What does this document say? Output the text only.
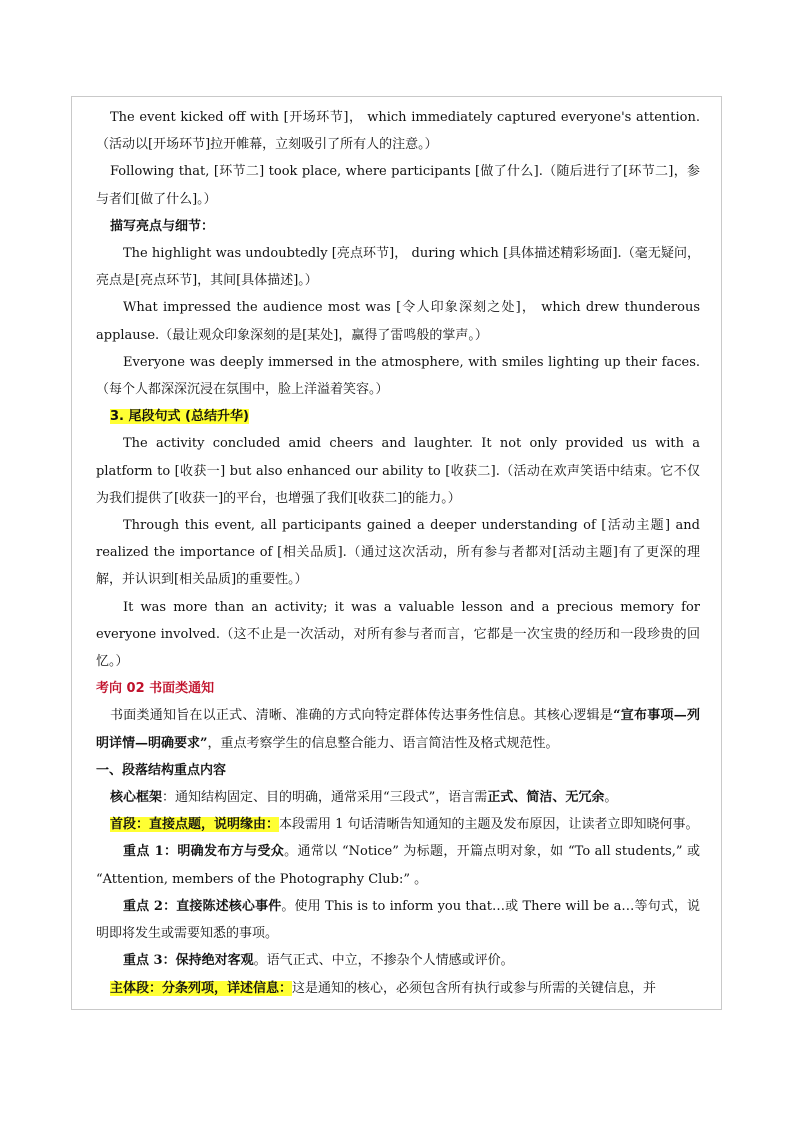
The event kicked off with [开场环节]， which immediately captured everyone's attention.（活动以[开场环节]拉开帷幕，立刻吸引了所有人的注意。）

Following that, [环节二] took place, where participants [做了什么].（随后进行了[环节二]，参与者们[做了什么]。）

描写亮点与细节：

The highlight was undoubtedly [亮点环节]， during which [具体描述精彩场面].（毫无疑问，亮点是[亮点环节]，其间[具体描述]。）

What impressed the audience most was [令人印象深刻之处]， which drew thunderous applause.（最让观众印象深刻的是[某处]，赢得了雷鸣般的掌声。）

Everyone was deeply immersed in the atmosphere, with smiles lighting up their faces.（每个人都深深沉浸在氛围中，脸上洋溢着笑容。）

3. 尾段句式 (总结升华)

The activity concluded amid cheers and laughter. It not only provided us with a platform to [收获一] but also enhanced our ability to [收获二].（活动在欢声笑语中结束。它不仅为我们提供了[收获一]的平台，也增强了我们[收获二]的能力。）

Through this event, all participants gained a deeper understanding of [活动主题] and realized the importance of [相关品质].（通过这次活动，所有参与者都对[活动主题]有了更深的理解，并认识到[相关品质]的重要性。）

It was more than an activity; it was a valuable lesson and a precious memory for everyone involved.（这不止是一次活动，对所有参与者而言，它都是一次宝贵的经历和一段珍贵的回忆。）

考向 02 书面类通知

书面类通知旨在以正式、清晰、准确的方式向特定群体传达事务性信息。其核心逻辑是“宣布事项—列明详情—明确要求”，重点考察学生的信息整合能力、语言简洁性及格式规范性。

一、段落结构重点内容

核心框架：通知结构固定、目的明确，通常采用“三段式”，语言需正式、简洁、无冗余。

首段：直接点题，说明缘由：本段需用 1 句话清晰告知通知的主题及发布原因，让读者立即知晓何事。

重点 1：明确发布方与受众。通常以 “Notice” 为标题，开篇点明对象，如 “To all students,” 或 “Attention, members of the Photography Club:” 。

重点 2：直接陈述核心事件。使用 This is to inform you that…或 There will be a…等句式，说明即将发生或需要知悉的事项。

重点 3：保持绝对客观。语气正式、中立，不掺杂个人情感或评价。

主体段：分条列项，详述信息：这是通知的核心，必须包含所有执行或参与所需的关键信息，并
